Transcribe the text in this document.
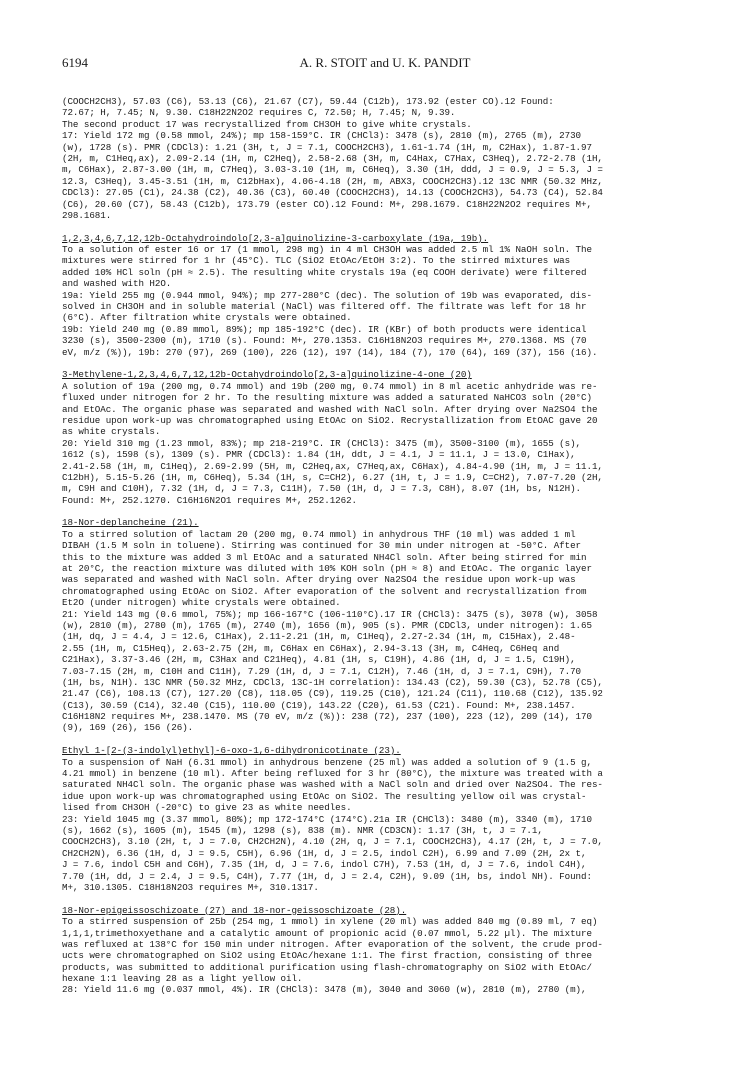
6194	A. R. STOIT and U. K. PANDIT
(COOCH2CH3), 57.03 (C6), 53.13 (C6), 21.67 (C7), 59.44 (C12b), 173.92 (ester CO).12 Found:
72.67; H, 7.45; N, 9.30. C18H22N2O2 requires C, 72.50; H, 7.45; N, 9.39.
The second product 17 was recrystallized from CH3OH to give white crystals.
17: Yield 172 mg (0.58 mmol, 24%); mp 158-159°C. IR (CHCl3): 3478 (s), 2810 (m), 2765 (m), 2730
(w), 1728 (s). PMR (CDCl3): 1.21 (3H, t, J = 7.1, COOCH2CH3), 1.61-1.74 (1H, m, C2Hax), 1.87-1.97
(2H, m, C1Heq,ax), 2.09-2.14 (1H, m, C2Heq), 2.58-2.68 (3H, m, C4Hax, C7Hax, C3Heq), 2.72-2.78 (1H,
m, C6Hax), 2.87-3.00 (1H, m, C7Heq), 3.03-3.10 (1H, m, C6Heq), 3.30 (1H, ddd, J = 0.9, J = 5.3, J =
12.3, C3Heq), 3.45-3.51 (1H, m, C12bHax), 4.06-4.18 (2H, m, ABX3, COOCH2CH3).12 13C NMR (50.32 MHz,
CDCl3): 27.05 (C1), 24.38 (C2), 40.36 (C3), 60.40 (COOCH2CH3), 14.13 (COOCH2CH3), 54.73 (C4), 52.84
(C6), 20.60 (C7), 58.43 (C12b), 173.79 (ester CO).12 Found: M+, 298.1679. C18H22N2O2 requires M+,
298.1681.
1,2,3,4,6,7,12,12b-Octahydroindolo[2,3-a]quinolizine-3-carboxylate (19a, 19b).
To a solution of ester 16 or 17 (1 mmol, 298 mg) in 4 ml CH3OH was added 2.5 ml 1% NaOH soln. The
mixtures were stirred for 1 hr (45°C). TLC (SiO2 EtOAc/EtOH 3:2). To the stirred mixtures was
added 10% HCl soln (pH ≈ 2.5). The resulting white crystals 19a (eq COOH derivate) were filtered
and washed with H2O.
19a: Yield 255 mg (0.944 mmol, 94%); mp 277-280°C (dec). The solution of 19b was evaporated, dis-
solved in CH3OH and in soluble material (NaCl) was filtered off. The filtrate was left for 18 hr
(6°C). After filtration white crystals were obtained.
19b: Yield 240 mg (0.89 mmol, 89%); mp 185-192°C (dec). IR (KBr) of both products were identical
3230 (s), 3500-2300 (m), 1710 (s). Found: M+, 270.1353. C16H18N2O3 requires M+, 270.1368. MS (70
eV, m/z (%)), 19b: 270 (97), 269 (100), 226 (12), 197 (14), 184 (7), 170 (64), 169 (37), 156 (16).
3-Methylene-1,2,3,4,6,7,12,12b-Octahydroindolo[2,3-a]quinolizine-4-one (20)
A solution of 19a (200 mg, 0.74 mmol) and 19b (200 mg, 0.74 mmol) in 8 ml acetic anhydride was re-
fluxed under nitrogen for 2 hr. To the resulting mixture was added a saturated NaHCO3 soln (20°C)
and EtOAc. The organic phase was separated and washed with NaCl soln. After drying over Na2SO4 the
residue upon work-up was chromatographed using EtOAc on SiO2. Recrystallization from EtOAC gave 20
as white crystals.
20: Yield 310 mg (1.23 mmol, 83%); mp 218-219°C. IR (CHCl3): 3475 (m), 3500-3100 (m), 1655 (s),
1612 (s), 1598 (s), 1309 (s). PMR (CDCl3): 1.84 (1H, ddt, J = 4.1, J = 11.1, J = 13.0, C1Hax),
2.41-2.58 (1H, m, C1Heq), 2.69-2.99 (5H, m, C2Heq,ax, C7Heq,ax, C6Hax), 4.84-4.90 (1H, m, J = 11.1,
C12bH), 5.15-5.26 (1H, m, C6Heq), 5.34 (1H, s, C=CH2), 6.27 (1H, t, J = 1.9, C=CH2), 7.07-7.20 (2H,
m, C9H and C10H), 7.32 (1H, d, J = 7.3, C11H), 7.50 (1H, d, J = 7.3, C8H), 8.07 (1H, bs, N12H).
Found: M+, 252.1270. C16H16N2O1 requires M+, 252.1262.
18-Nor-deplancheine (21).
To a stirred solution of lactam 20 (200 mg, 0.74 mmol) in anhydrous THF (10 ml) was added 1 ml
DIBAH (1.5 M soln in toluene). Stirring was continued for 30 min under nitrogen at -50°C. After
this to the mixture was added 3 ml EtOAc and a saturated NH4Cl soln. After being stirred for min
at 20°C, the reaction mixture was diluted with 10% KOH soln (pH ≈ 8) and EtOAc. The organic layer
was separated and washed with NaCl soln. After drying over Na2SO4 the residue upon work-up was
chromatographed using EtOAc on SiO2. After evaporation of the solvent and recrystallization from
Et2O (under nitrogen) white crystals were obtained.
21: Yield 143 mg (0.6 mmol, 75%); mp 166-167°C (106-110°C).17 IR (CHCl3): 3475 (s), 3078 (w), 3058
(w), 2810 (m), 2780 (m), 1765 (m), 2740 (m), 1656 (m), 905 (s). PMR (CDCl3, under nitrogen): 1.65
(1H, dq, J = 4.4, J = 12.6, C1Hax), 2.11-2.21 (1H, m, C1Heq), 2.27-2.34 (1H, m, C15Hax), 2.48-
2.55 (1H, m, C15Heq), 2.63-2.75 (2H, m, C6Hax en C6Hax), 2.94-3.13 (3H, m, C4Heq, C6Heq and
C21Hax), 3.37-3.46 (2H, m, C3Hax and C21Heq), 4.81 (1H, s, C19H), 4.86 (1H, d, J = 1.5, C19H),
7.03-7.15 (2H, m, C10H and C11H), 7.29 (1H, d, J = 7.1, C12H), 7.46 (1H, d, J = 7.1, C9H), 7.70
(1H, bs, N1H). 13C NMR (50.32 MHz, CDCl3, 13C-1H correlation): 134.43 (C2), 59.30 (C3), 52.78 (C5),
21.47 (C6), 108.13 (C7), 127.20 (C8), 118.05 (C9), 119.25 (C10), 121.24 (C11), 110.68 (C12), 135.92
(C13), 30.59 (C14), 32.40 (C15), 110.00 (C19), 143.22 (C20), 61.53 (C21). Found: M+, 238.1457.
C16H18N2 requires M+, 238.1470. MS (70 eV, m/z (%)): 238 (72), 237 (100), 223 (12), 209 (14), 170
(9), 169 (26), 156 (26).
Ethyl 1-[2-(3-indolyl)ethyl]-6-oxo-1,6-dihydronicotinate (23).
To a suspension of NaH (6.31 mmol) in anhydrous benzene (25 ml) was added a solution of 9 (1.5 g,
4.21 mmol) in benzene (10 ml). After being refluxed for 3 hr (80°C), the mixture was treated with a
saturated NH4Cl soln. The organic phase was washed with a NaCl soln and dried over Na2SO4. The res-
idue upon work-up was chromatographed using EtOAc on SiO2. The resulting yellow oil was crystal-
lised from CH3OH (-20°C) to give 23 as white needles.
23: Yield 1045 mg (3.37 mmol, 80%); mp 172-174°C (174°C).21a IR (CHCl3): 3480 (m), 3340 (m), 1710
(s), 1662 (s), 1605 (m), 1545 (m), 1298 (s), 838 (m). NMR (CD3CN): 1.17 (3H, t, J = 7.1,
COOCH2CH3), 3.10 (2H, t, J = 7.0, CH2CH2N), 4.10 (2H, q, J = 7.1, COOCH2CH3), 4.17 (2H, t, J = 7.0,
CH2CH2N), 6.36 (1H, d, J = 9.5, C5H), 6.96 (1H, d, J = 2.5, indol C2H), 6.99 and 7.09 (2H, 2x t,
J = 7.6, indol C5H and C6H), 7.35 (1H, d, J = 7.6, indol C7H), 7.53 (1H, d, J = 7.6, indol C4H),
7.70 (1H, dd, J = 2.4, J = 9.5, C4H), 7.77 (1H, d, J = 2.4, C2H), 9.09 (1H, bs, indol NH). Found:
M+, 310.1305. C18H18N2O3 requires M+, 310.1317.
18-Nor-epigeissoschizoate (27) and 18-nor-geissoschizoate (28).
To a stirred suspension of 25b (254 mg, 1 mmol) in xylene (20 ml) was added 840 mg (0.89 ml, 7 eq)
1,1,1,trimethoxyethane and a catalytic amount of propionic acid (0.07 mmol, 5.22 µl). The mixture
was refluxed at 138°C for 150 min under nitrogen. After evaporation of the solvent, the crude prod-
ucts were chromatographed on SiO2 using EtOAc/hexane 1:1. The first fraction, consisting of three
products, was submitted to additional purification using flash-chromatography on SiO2 with EtOAc/
hexane 1:1 leaving 28 as a light yellow oil.
28: Yield 11.6 mg (0.037 mmol, 4%). IR (CHCl3): 3478 (m), 3040 and 3060 (w), 2810 (m), 2780 (m),
